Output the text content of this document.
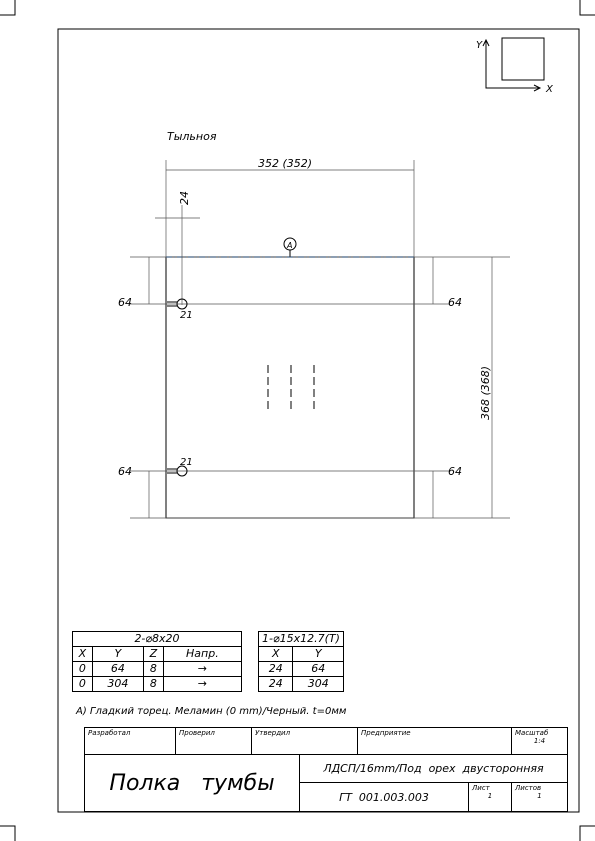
Y
X
Тыльноя
A
352 (352)
24
64
64
64
64
368 (368)
21
21
2-⌀8x20			
X	Y	Z	Напр.
0	64	8	→
0	304	8	→
1-⌀15x12.7(T)	
X	Y
24	64
24	304
A) Гладкий торец. Меламин (0 mm)/Черный. t=0мм
Разработал	Проверил	Утвердил	Предприятие	Масштаб
1:4
Полка   тумбы
ЛДСП/16mm/Под  орех  двусторонняя
ГТ  001.003.003
Лист
1
Листов
1
